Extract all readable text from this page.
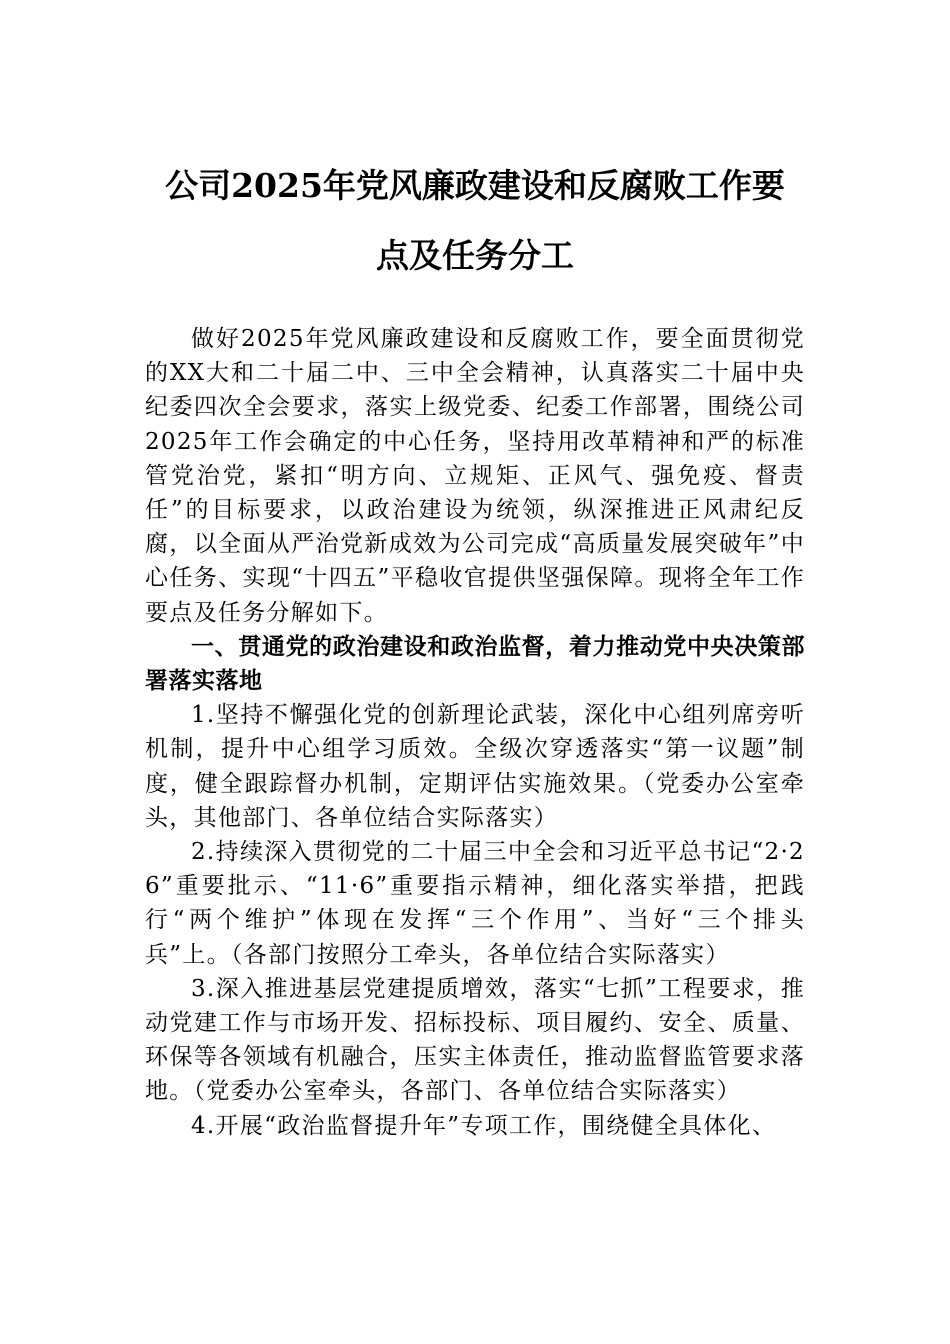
公司2025年党风廉政建设和反腐败工作要
点及任务分工

做好2025年党风廉政建设和反腐败工作，要全面贯彻党的XX大和二十届二中、三中全会精神，认真落实二十届中央纪委四次全会要求，落实上级党委、纪委工作部署，围绕公司2025年工作会确定的中心任务，坚持用改革精神和严的标准管党治党，紧扣“明方向、立规矩、正风气、强免疫、督责任”的目标要求，以政治建设为统领，纵深推进正风肃纪反腐，以全面从严治党新成效为公司完成“高质量发展突破年”中心任务、实现“十四五”平稳收官提供坚强保障。现将全年工作要点及任务分解如下。

一、贯通党的政治建设和政治监督，着力推动党中央决策部署落实落地

1.坚持不懈强化党的创新理论武装，深化中心组列席旁听机制，提升中心组学习质效。全级次穿透落实“第一议题”制度，健全跟踪督办机制，定期评估实施效果。（党委办公室牵头，其他部门、各单位结合实际落实）

2.持续深入贯彻党的二十届三中全会和习近平总书记“2·26”重要批示、“11·6”重要指示精神，细化落实举措，把践行“两个维护”体现在发挥“三个作用”、当好“三个排头兵”上。（各部门按照分工牵头，各单位结合实际落实）

3.深入推进基层党建提质增效，落实“七抓”工程要求，推动党建工作与市场开发、招标投标、项目履约、安全、质量、环保等各领域有机融合，压实主体责任，推动监督监管要求落地。（党委办公室牵头，各部门、各单位结合实际落实）

4.开展“政治监督提升年”专项工作，围绕健全具体化、
